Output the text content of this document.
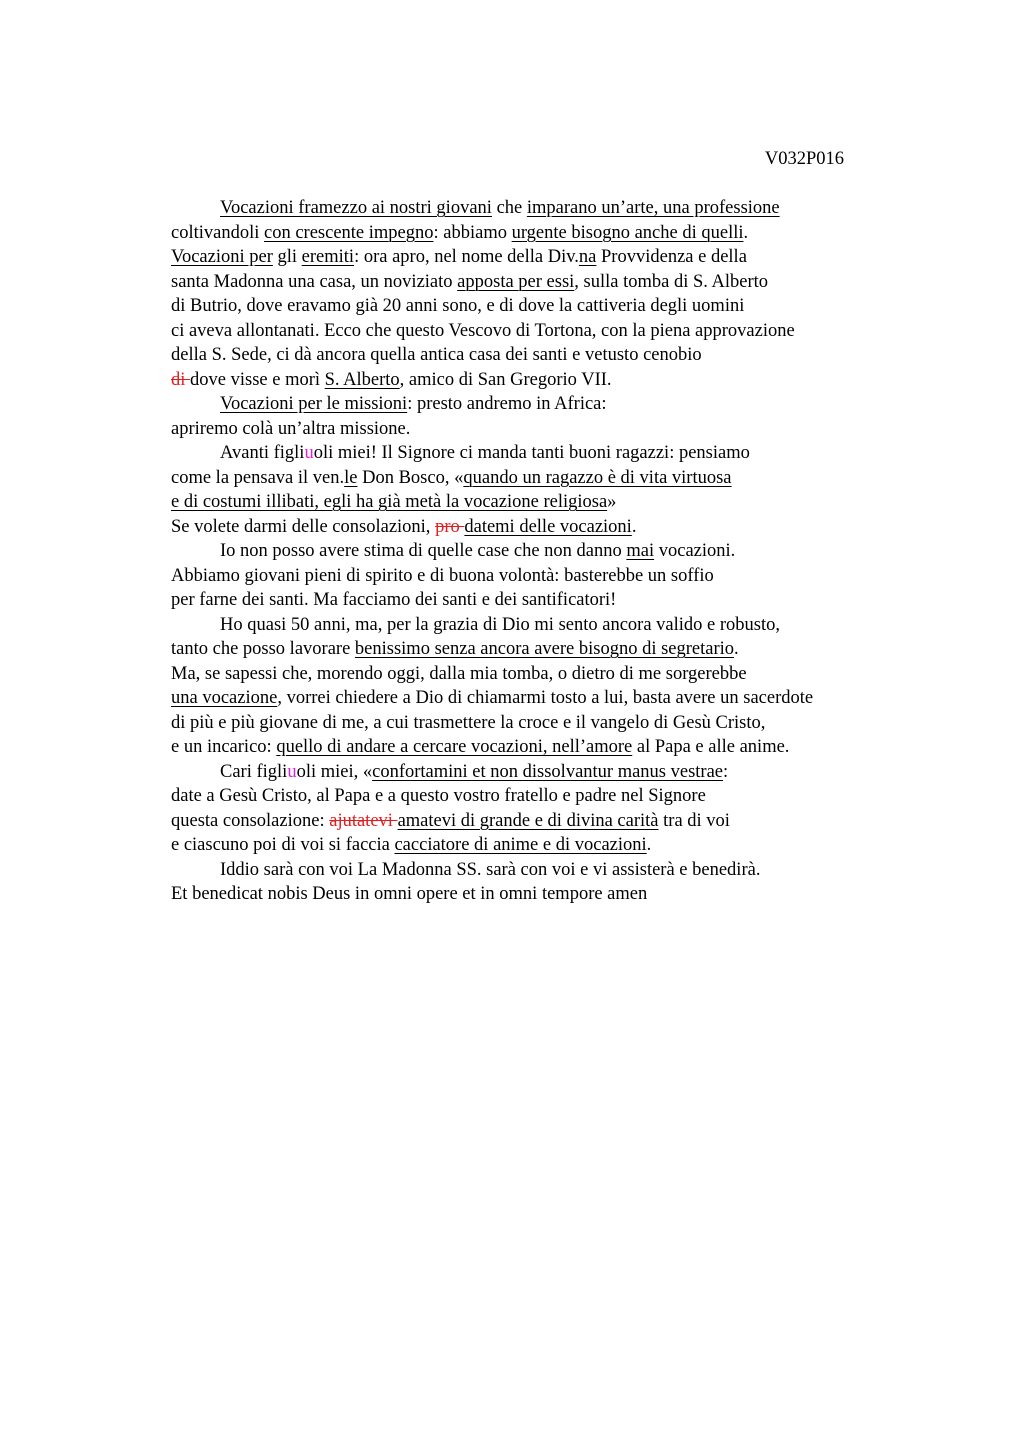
V032P016
Vocazioni framezzo ai nostri giovani che imparano un’arte, una professione
coltivandoli con crescente impegno: abbiamo urgente bisogno anche di quelli.
Vocazioni per gli eremiti: ora apro, nel nome della Div.na Provvidenza e della
santa Madonna una casa, un noviziato apposta per essi, sulla tomba di S. Alberto
di Butrio, dove eravamo già 20 anni sono, e di dove la cattiveria degli uomini
ci aveva allontanati. Ecco che questo Vescovo di Tortona, con la piena approvazione
della S. Sede, ci dà ancora quella antica casa dei santi e vetusto cenobio
di dove visse e morì S. Alberto, amico di San Gregorio VII.
Vocazioni per le missioni: presto andremo in Africa:
apriremo colà un’altra missione.
Avanti figliuoli miei! Il Signore ci manda tanti buoni ragazzi: pensiamo
come la pensava il ven.le Don Bosco, «quando un ragazzo è di vita virtuosa
e di costumi illibati, egli ha già metà la vocazione religiosa»
Se volete darmi delle consolazioni, pro datemi delle vocazioni.
Io non posso avere stima di quelle case che non danno mai vocazioni.
Abbiamo giovani pieni di spirito e di buona volontà: basterebbe un soffio
per farne dei santi. Ma facciamo dei santi e dei santificatori!
Ho quasi 50 anni, ma, per la grazia di Dio mi sento ancora valido e robusto,
tanto che posso lavorare benissimo senza ancora avere bisogno di segretario.
Ma, se sapessi che, morendo oggi, dalla mia tomba, o dietro di me sorgerebbe
una vocazione, vorrei chiedere a Dio di chiamarmi tosto a lui, basta avere un sacerdote
di più e più giovane di me, a cui trasmettere la croce e il vangelo di Gesù Cristo,
e un incarico: quello di andare a cercare vocazioni, nell’amore al Papa e alle anime.
Cari figliuoli miei, «confortamini et non dissolvantur manus vestrae:
date a Gesù Cristo, al Papa e a questo vostro fratello e padre nel Signore
questa consolazione: ajutatevi amatevi di grande e di divina carità tra di voi
e ciascuno poi di voi si faccia cacciatore di anime e di vocazioni.
Iddio sarà con voi La Madonna SS. sarà con voi e vi assisterà e benedirà.
Et benedicat nobis Deus in omni opere et in omni tempore amen
